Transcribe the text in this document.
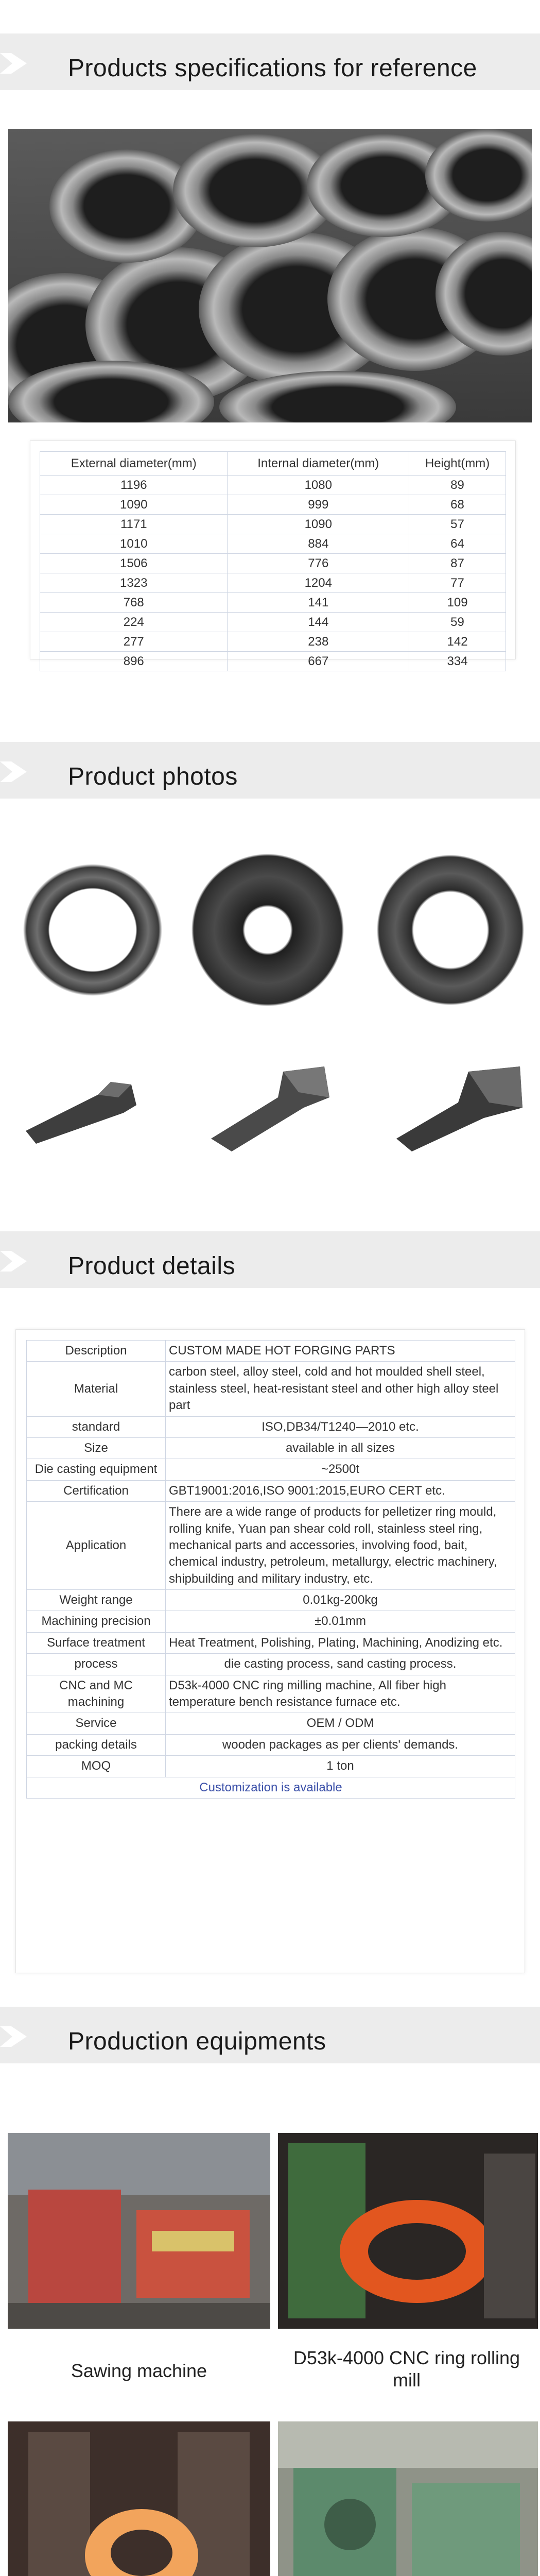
Products specifications for reference
External diameter(mm)	Internal diameter(mm)	Height(mm)
1196	1080	89
1090	999	68
1171	1090	57
1010	884	64
1506	776	87
1323	1204	77
768	141	109
224	144	59
277	238	142
896	667	334
Product photos
Product details
Description	CUSTOM MADE HOT FORGING PARTS
Material	carbon steel, alloy steel, cold and hot moulded shell steel, stainless steel, heat-resistant steel and other high alloy steel part
standard	ISO,DB34/T1240—2010 etc.
Size	available in all sizes
Die casting equipment	~2500t
Certification	GBT19001:2016,ISO 9001:2015,EURO CERT etc.
Application	There are a wide range of products for pelletizer ring mould, rolling knife, Yuan pan shear cold roll, stainless steel ring, mechanical parts and accessories, involving food, bait, chemical industry, petroleum, metallurgy, electric machinery, shipbuilding and military industry, etc.
Weight range	0.01kg-200kg
Machining precision	±0.01mm
Surface treatment	Heat Treatment, Polishing, Plating, Machining, Anodizing etc.
process	die casting process, sand casting process.
CNC and MC machining	D53k-4000 CNC ring milling machine, All fiber high temperature bench resistance furnace etc.
Service	OEM / ODM
packing details	wooden packages as per clients' demands.
MOQ	1 ton
Customization is available	
Production equipments
Sawing machine
D53k-4000 CNC ring rolling mill
